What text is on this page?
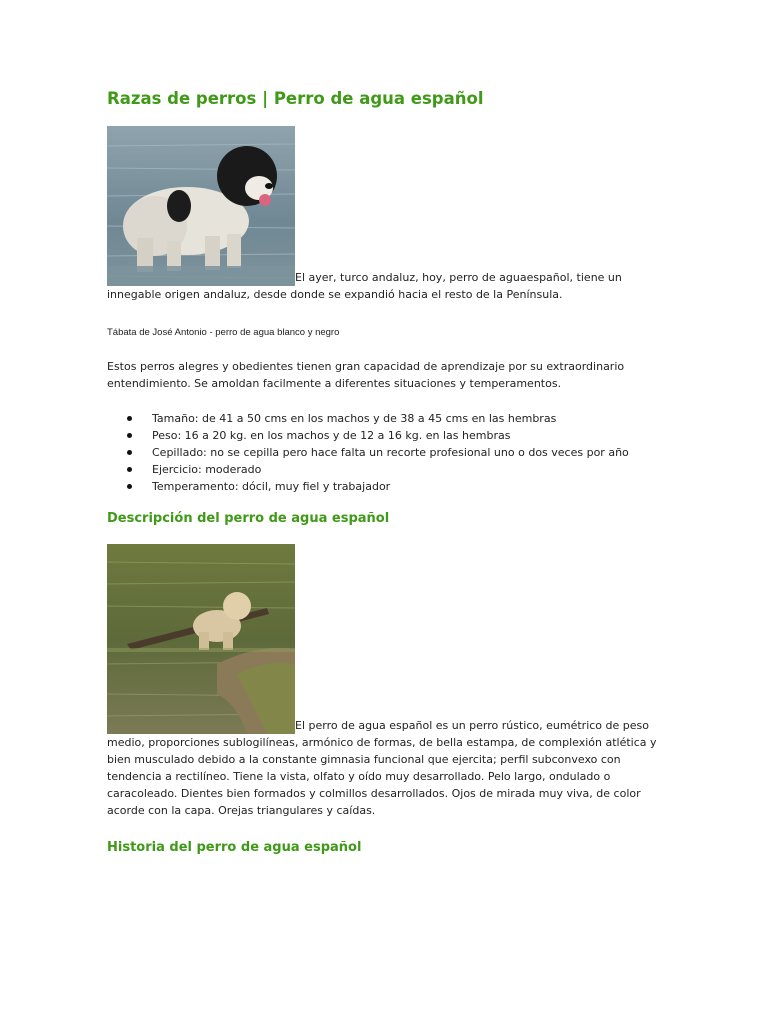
Razas de perros | Perro de agua español

El ayer, turco andaluz, hoy, perro de aguaespañol, tiene un innegable origen andaluz, desde donde se expandió hacia el resto de la Península.

Tábata de José Antonio - perro de agua blanco y negro

Estos perros alegres y obedientes tienen gran capacidad de aprendizaje por su extraordinario entendimiento. Se amoldan facilmente a diferentes situaciones y temperamentos.

Tamaño: de 41 a 50 cms en los machos y de 38 a 45 cms en las hembras
Peso: 16 a 20 kg. en los machos y de 12 a 16 kg. en las hembras
Cepillado: no se cepilla pero hace falta un recorte profesional uno o dos veces por año
Ejercicio: moderado
Temperamento: dócil, muy fiel y trabajador
Descripción del perro de agua español

El perro de agua español es un perro rústico, eumétrico de peso medio, proporciones sublogilíneas, armónico de formas, de bella estampa, de complexión atlética y bien musculado debido a la constante gimnasia funcional que ejercita; perfil subconvexo con tendencia a rectilíneo. Tiene la vista, olfato y oído muy desarrollado. Pelo largo, ondulado o caracoleado. Dientes bien formados y colmillos desarrollados. Ojos de mirada muy viva, de color acorde con la capa. Orejas triangulares y caídas.

Historia del perro de agua español
